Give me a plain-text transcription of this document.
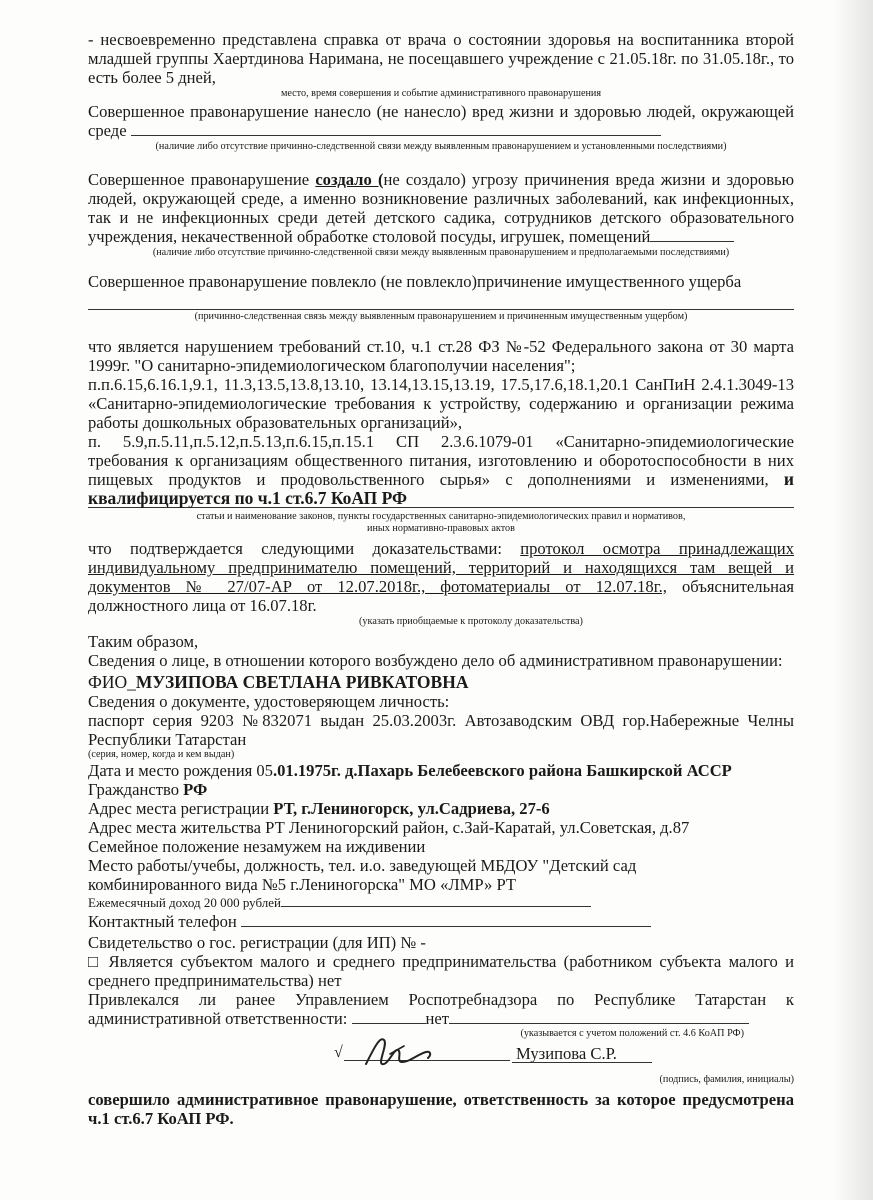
- несвоевременно представлена справка от врача о состоянии здоровья на воспитанника второй младшей группы Хаертдинова Наримана, не посещавшего учреждение с 21.05.18г. по 31.05.18г., то есть более 5 дней,

место, время совершения и событие административного правонарушения

Совершенное правонарушение нанесло (не нанесло) вред жизни и здоровью людей, окружающей среде

(наличие либо отсутствие причинно-следственной связи между выявленным правонарушением и установленными последствиями)

Совершенное правонарушение создало (не создало) угрозу причинения вреда жизни и здоровью людей, окружающей среде, а именно возникновение различных заболеваний, как инфекционных, так и не инфекционных среди детей детского садика, сотрудников детского образовательного учреждения, некачественной обработке столовой посуды, игрушек, помещений

(наличие либо отсутствие причинно-следственной связи между выявленным правонарушением и предполагаемыми последствиями)

Совершенное правонарушение повлекло (не повлекло)причинение имущественного ущерба

(причинно-следственная связь между выявленным правонарушением и причиненным имущественным ущербом)

что является нарушением требований ст.10, ч.1 ст.28 ФЗ №-52 Федерального закона от 30 марта 1999г. "О санитарно-эпидемиологическом благополучии населения";

п.п.6.15,6.16.1,9.1, 11.3,13.5,13.8,13.10, 13.14,13.15,13.19, 17.5,17.6,18.1,20.1 СанПиН 2.4.1.3049-13 «Санитарно-эпидемиологические требования к устройству, содержанию и организации режима работы дошкольных образовательных организаций»,

п. 5.9,п.5.11,п.5.12,п.5.13,п.6.15,п.15.1 СП 2.3.6.1079-01 «Санитарно-эпидемиологические требования к организациям общественного питания, изготовлению и оборотоспособности в них пищевых продуктов и продовольственного сырья» с дополнениями и изменениями, и квалифицируется по ч.1 ст.6.7 КоАП РФ

статьи и наименование законов, пункты государственных санитарно-эпидемиологических правил и нормативов,

иных нормативно-правовых актов

что подтверждается следующими доказательствами: протокол осмотра принадлежащих индивидуальному предпринимателю помещений, территорий и находящихся там вещей и документов № 27/07-АР от 12.07.2018г., фотоматериалы от 12.07.18г., объяснительная должностного лица от 16.07.18г.

(указать приобщаемые к протоколу доказательства)

Таким образом,

Сведения о лице, в отношении которого возбуждено дело об административном правонарушении:

ФИО_МУЗИПОВА СВЕТЛАНА РИВКАТОВНА

Сведения о документе, удостоверяющем личность:

паспорт серия 9203 №832071 выдан 25.03.2003г. Автозаводским ОВД гор.Набережные Челны Республики Татарстан

(серия, номер, когда и кем выдан)

Дата и место рождения 05.01.1975г. д.Пахарь Белебеевского района Башкирской АССР

Гражданство РФ

Адрес места регистрации РТ, г.Лениногорск, ул.Садриева, 27-6

Адрес места жительства РТ Лениногорский район, с.Зай-Каратай, ул.Советская, д.87

Семейное положение незамужем на иждивении

Место работы/учебы, должность, тел. и.о. заведующей МБДОУ "Детский сад

комбинированного вида №5 г.Лениногорска" МО «ЛМР» РТ

Ежемесячный доход 20 000 рублей

Контактный телефон

Свидетельство о гос. регистрации (для ИП) № -

□ Является субъектом малого и среднего предпринимательства (работником субъекта малого и среднего предпринимательства) нет

Привлекался ли ранее Управлением Роспотребнадзора по Республике Татарстан к административной ответственности:	нет

(указывается с учетом положений ст. 4.6 КоАП РФ)

√	Музипова С.Р.

(подпись, фамилия, инициалы)

совершило административное правонарушение, ответственность за которое предусмотрена ч.1 ст.6.7 КоАП РФ.
